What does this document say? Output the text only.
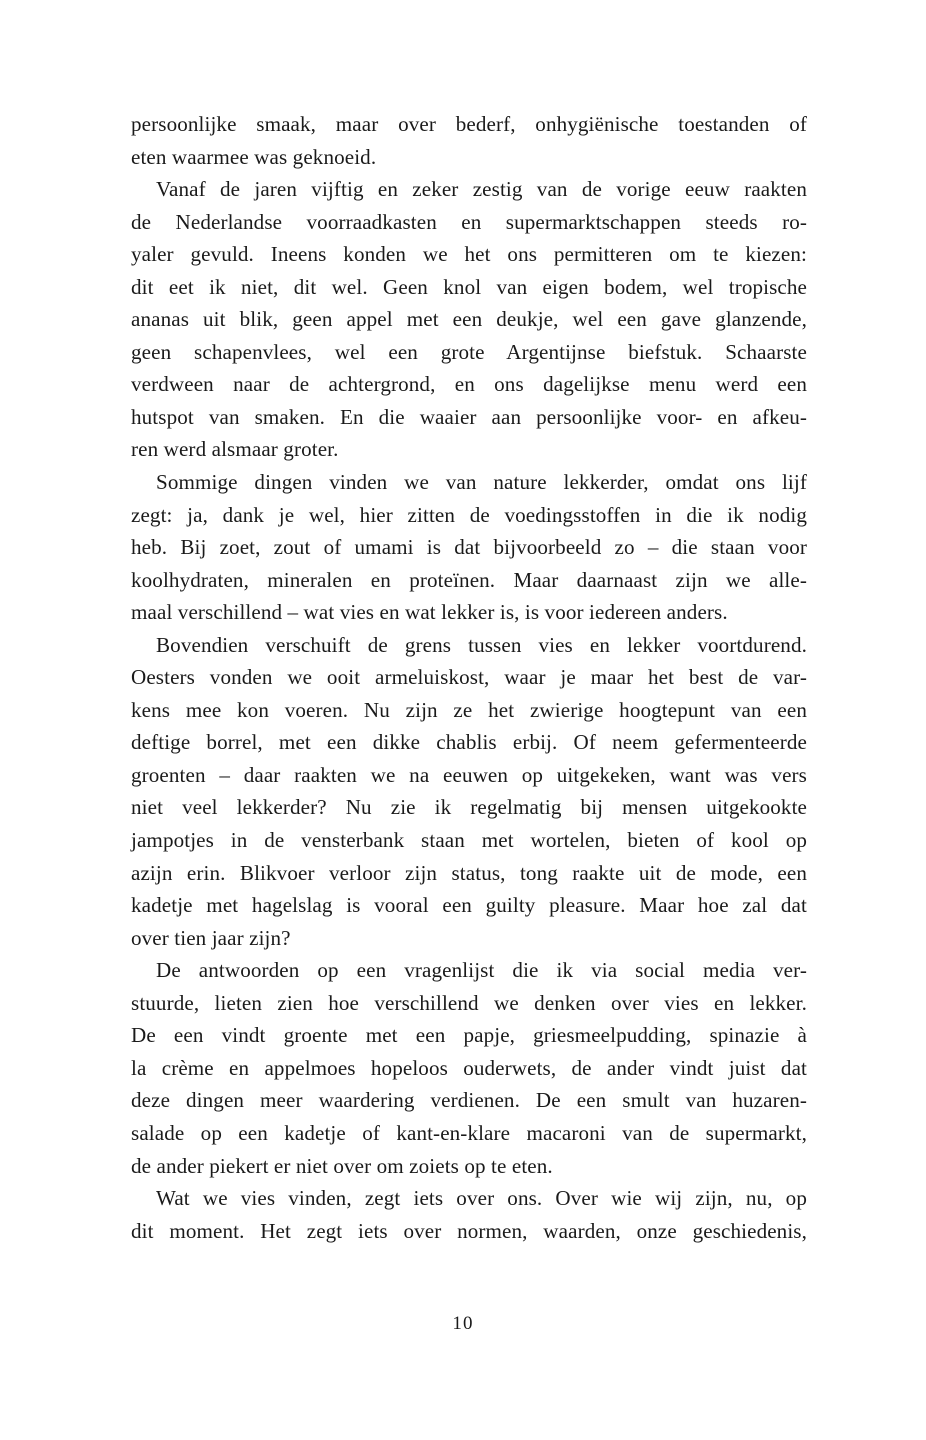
persoonlijke smaak, maar over bederf, onhygiënische toestanden of
eten waarmee was geknoeid.

Vanaf de jaren vijftig en zeker zestig van de vorige eeuw raakten
de Nederlandse voorraadkasten en supermarktschappen steeds ro-
yaler gevuld. Ineens konden we het ons permitteren om te kiezen:
dit eet ik niet, dit wel. Geen knol van eigen bodem, wel tropische
ananas uit blik, geen appel met een deukje, wel een gave glanzende,
geen schapenvlees, wel een grote Argentijnse biefstuk. Schaarste
verdween naar de achtergrond, en ons dagelijkse menu werd een
hutspot van smaken. En die waaier aan persoonlijke voor- en afkeu-
ren werd alsmaar groter.

Sommige dingen vinden we van nature lekkerder, omdat ons lijf
zegt: ja, dank je wel, hier zitten de voedingsstoffen in die ik nodig
heb. Bij zoet, zout of umami is dat bijvoorbeeld zo – die staan voor
koolhydraten, mineralen en proteïnen. Maar daarnaast zijn we alle-
maal verschillend – wat vies en wat lekker is, is voor iedereen anders.

Bovendien verschuift de grens tussen vies en lekker voortdurend.
Oesters vonden we ooit armeluiskost, waar je maar het best de var-
kens mee kon voeren. Nu zijn ze het zwierige hoogtepunt van een
deftige borrel, met een dikke chablis erbij. Of neem gefermenteerde
groenten – daar raakten we na eeuwen op uitgekeken, want was vers
niet veel lekkerder? Nu zie ik regelmatig bij mensen uitgekookte
jampotjes in de vensterbank staan met wortelen, bieten of kool op
azijn erin. Blikvoer verloor zijn status, tong raakte uit de mode, een
kadetje met hagelslag is vooral een guilty pleasure. Maar hoe zal dat
over tien jaar zijn?

De antwoorden op een vragenlijst die ik via social media ver-
stuurde, lieten zien hoe verschillend we denken over vies en lekker.
De een vindt groente met een papje, griesmeelpudding, spinazie à
la crème en appelmoes hopeloos ouderwets, de ander vindt juist dat
deze dingen meer waardering verdienen. De een smult van huzaren-
salade op een kadetje of kant-en-klare macaroni van de supermarkt,
de ander piekert er niet over om zoiets op te eten.

Wat we vies vinden, zegt iets over ons. Over wie wij zijn, nu, op
dit moment. Het zegt iets over normen, waarden, onze geschiedenis,

10
